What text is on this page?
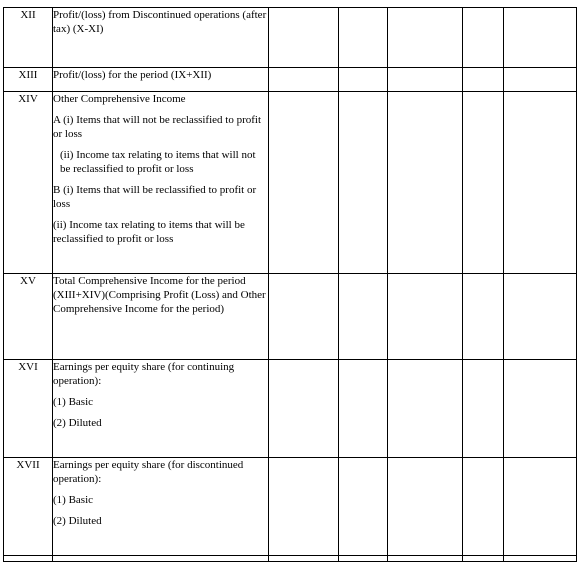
XII	Profit/(loss) from Discontinued operations (after tax) (X-XI)					

XIII	Profit/(loss) for the period (IX+XII)					

XIV	Other Comprehensive Income
A (i) Items that will not be reclassified to profit or loss
(ii) Income tax relating to items that will not be reclassified to profit or loss
B (i) Items that will be reclassified to profit or loss
(ii) Income tax relating to items that will be reclassified to profit or loss					

XV	Total Comprehensive Income for the period (XIII+XIV)(Comprising Profit (Loss) and Other Comprehensive Income for the period)					

XVI	Earnings per equity share (for continuing operation):
(1) Basic
(2) Diluted					

XVII	Earnings per equity share (for discontinued operation):
(1) Basic
(2) Diluted					
